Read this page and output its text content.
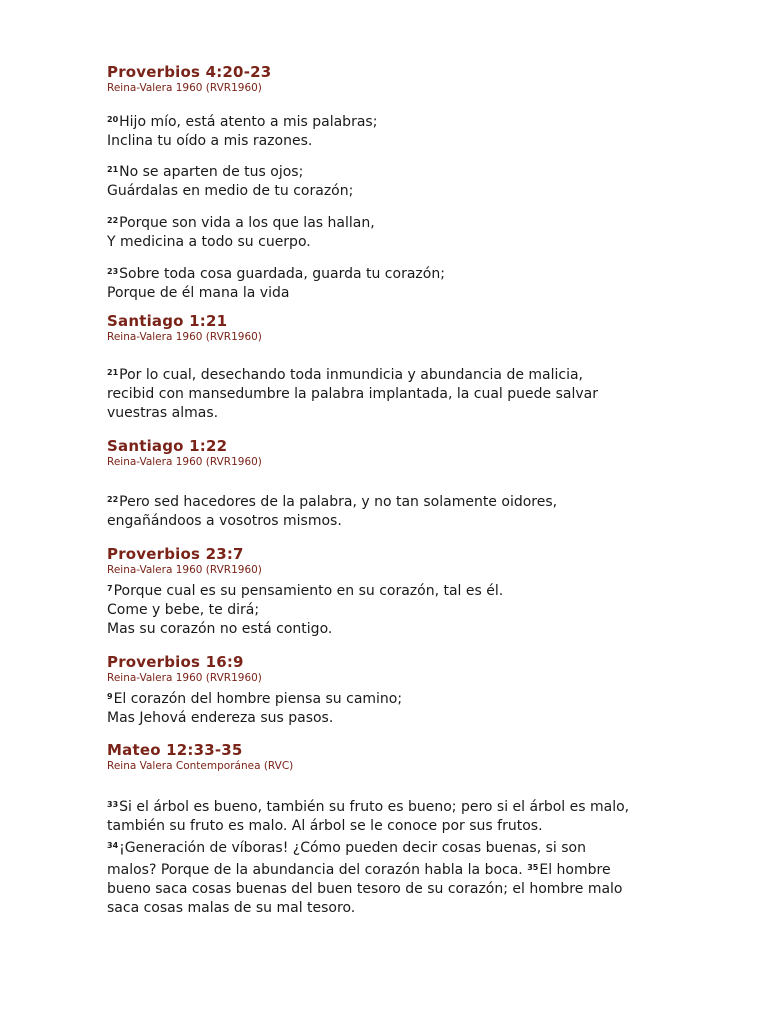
Proverbios 4:20-23
Reina-Valera 1960 (RVR1960)
$^{20}$Hijo mío, está atento a mis palabras;
Inclina tu oído a mis razones.
$^{21}$No se aparten de tus ojos;
Guárdalas en medio de tu corazón;
$^{22}$Porque son vida a los que las hallan,
Y medicina a todo su cuerpo.
$^{23}$Sobre toda cosa guardada, guarda tu corazón;
Porque de él mana la vida
Santiago 1:21
Reina-Valera 1960 (RVR1960)
$^{21}$Por lo cual, desechando toda inmundicia y abundancia de malicia,
recibid con mansedumbre la palabra implantada, la cual puede salvar
vuestras almas.
Santiago 1:22
Reina-Valera 1960 (RVR1960)
$^{22}$Pero sed hacedores de la palabra, y no tan solamente oidores,
engañándoos a vosotros mismos.
Proverbios 23:7
Reina-Valera 1960 (RVR1960)
$^7$Porque cual es su pensamiento en su corazón, tal es él.
Come y bebe, te dirá;
Mas su corazón no está contigo.
Proverbios 16:9
Reina-Valera 1960 (RVR1960)
$^9$El corazón del hombre piensa su camino;
Mas Jehová endereza sus pasos.
Mateo 12:33-35
Reina Valera Contemporánea (RVC)

$^{33}$Si el árbol es bueno, también su fruto es bueno; pero si el árbol es malo, también su fruto es malo. Al árbol se le conoce por sus frutos. $^{34}$¡Generación de víboras! ¿Cómo pueden decir cosas buenas, si son malos? Porque de la abundancia del corazón habla la boca. $^{35}$El hombre bueno saca cosas buenas del buen tesoro de su corazón; el hombre malo saca cosas malas de su mal tesoro.
